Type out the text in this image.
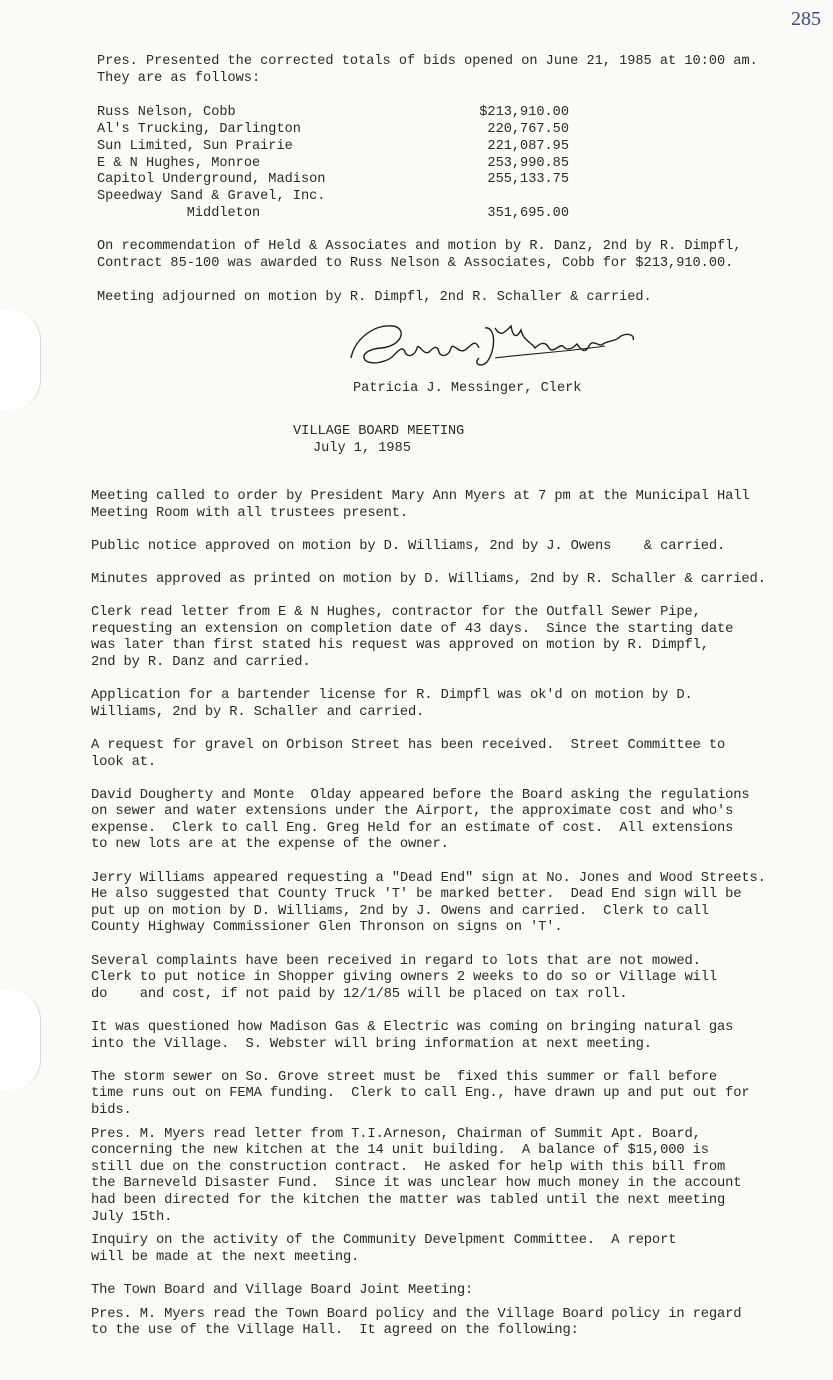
285

Pres. Presented the corrected totals of bids opened on June 21, 1985 at 10:00 am.

They are as follows:

Russ Nelson, Cobb	$213,910.00
Al's Trucking, Darlington	220,767.50
Sun Limited, Sun Prairie	221,087.95
E & N Hughes, Monroe	253,990.85
Capitol Underground, Madison	255,133.75
Speedway Sand & Gravel, Inc.
Middleton	351,695.00

On recommendation of Held & Associates and motion by R. Danz, 2nd by R. Dimpfl,

Contract 85-100 was awarded to Russ Nelson & Associates, Cobb for $213,910.00.

Meeting adjourned on motion by R. Dimpfl, 2nd R. Schaller & carried.

Patricia J. Messinger, Clerk
VILLAGE BOARD MEETING
July 1, 1985

Meeting called to order by President Mary Ann Myers at 7 pm at the Municipal Hall

Meeting Room with all trustees present.

Public notice approved on motion by D. Williams, 2nd by J. Owens    & carried.

Minutes approved as printed on motion by D. Williams, 2nd by R. Schaller & carried.

Clerk read letter from E & N Hughes, contractor for the Outfall Sewer Pipe,

requesting an extension on completion date of 43 days.  Since the starting date

was later than first stated his request was approved on motion by R. Dimpfl,

2nd by R. Danz and carried.

Application for a bartender license for R. Dimpfl was ok'd on motion by D.

Williams, 2nd by R. Schaller and carried.

A request for gravel on Orbison Street has been received.  Street Committee to

look at.

David Dougherty and Monte  Olday appeared before the Board asking the regulations

on sewer and water extensions under the Airport, the approximate cost and who's

expense.  Clerk to call Eng. Greg Held for an estimate of cost.  All extensions

to new lots are at the expense of the owner.

Jerry Williams appeared requesting a "Dead End" sign at No. Jones and Wood Streets.

He also suggested that County Truck 'T' be marked better.  Dead End sign will be

put up on motion by D. Williams, 2nd by J. Owens and carried.  Clerk to call

County Highway Commissioner Glen Thronson on signs on 'T'.

Several complaints have been received in regard to lots that are not mowed.

Clerk to put notice in Shopper giving owners 2 weeks to do so or Village will

do    and cost, if not paid by 12/1/85 will be placed on tax roll.

It was questioned how Madison Gas & Electric was coming on bringing natural gas

into the Village.  S. Webster will bring information at next meeting.

The storm sewer on So. Grove street must be  fixed this summer or fall before

time runs out on FEMA funding.  Clerk to call Eng., have drawn up and put out for

bids.

Pres. M. Myers read letter from T.I.Arneson, Chairman of Summit Apt. Board,

concerning the new kitchen at the 14 unit building.  A balance of $15,000 is

still due on the construction contract.  He asked for help with this bill from

the Barneveld Disaster Fund.  Since it was unclear how much money in the account

had been directed for the kitchen the matter was tabled until the next meeting

July 15th.

Inquiry on the activity of the Community Develpment Committee.  A report

will be made at the next meeting.

The Town Board and Village Board Joint Meeting:

Pres. M. Myers read the Town Board policy and the Village Board policy in regard

to the use of the Village Hall.  It agreed on the following:
